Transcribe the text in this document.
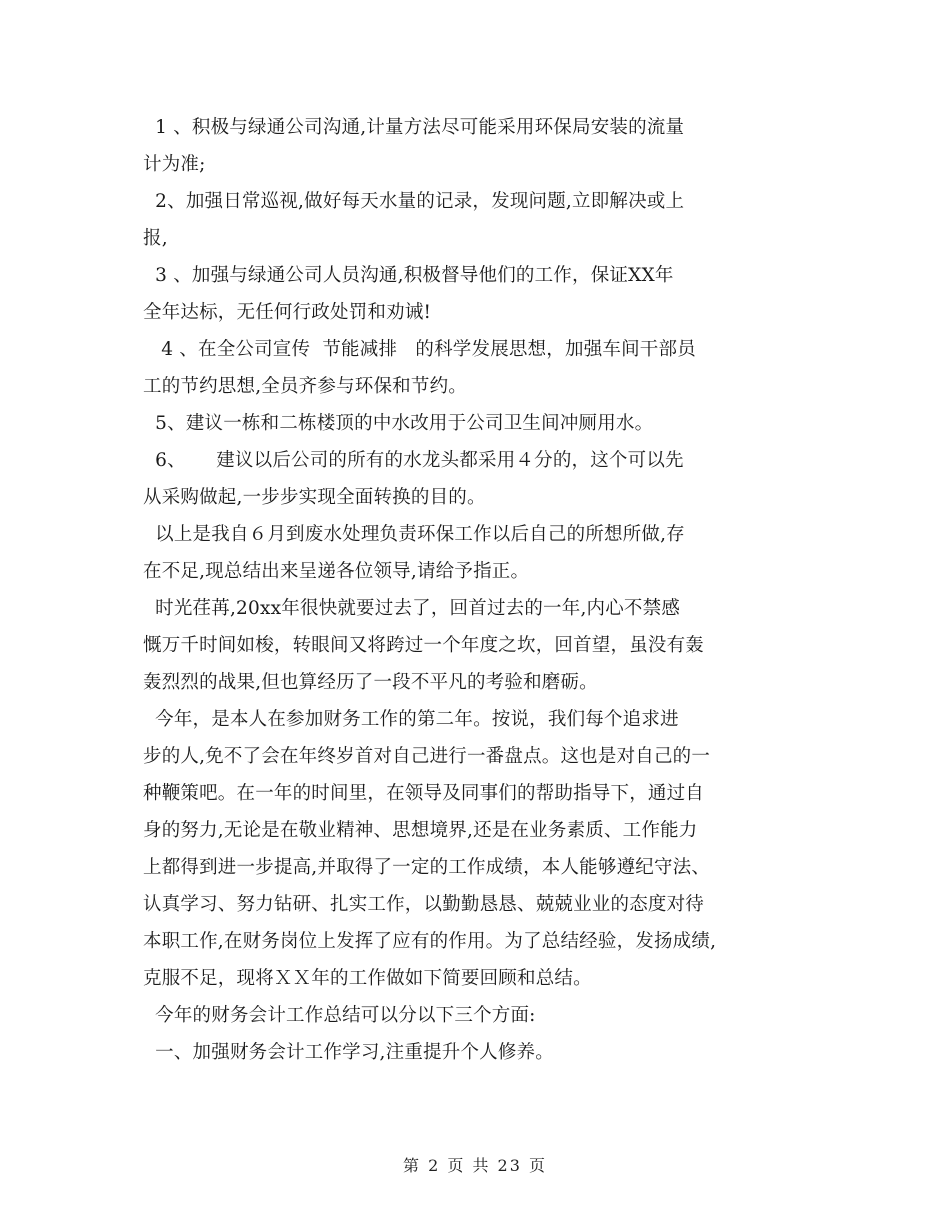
1 、积极与绿通公司沟通,计量方法尽可能采用环保局安装的流量
计为准;
2、加强日常巡视,做好每天水量的记录，发现问题,立即解决或上
报,
3 、加强与绿通公司人员沟通,积极督导他们的工作，保证XX年
全年达标，无任何行政处罚和劝诫!
4 、在全公司宣传  节能减排   的科学发展思想，加强车间干部员
工的节约思想,全员齐参与环保和节约。
5、建议一栋和二栋楼顶的中水改用于公司卫生间冲厕用水。
6、     建议以后公司的所有的水龙头都采用４分的，这个可以先
从采购做起,一步步实现全面转换的目的。
以上是我自６月到废水处理负责环保工作以后自己的所想所做,存
在不足,现总结出来呈递各位领导,请给予指正。
时光荏苒,20xx年很快就要过去了，回首过去的一年,内心不禁感
慨万千时间如梭，转眼间又将跨过一个年度之坎，回首望，虽没有轰
轰烈烈的战果,但也算经历了一段不平凡的考验和磨砺。
今年，是本人在参加财务工作的第二年。按说，我们每个追求进
步的人,免不了会在年终岁首对自己进行一番盘点。这也是对自己的一
种鞭策吧。在一年的时间里，在领导及同事们的帮助指导下，通过自
身的努力,无论是在敬业精神、思想境界,还是在业务素质、工作能力
上都得到进一步提高,并取得了一定的工作成绩，本人能够遵纪守法、
认真学习、努力钻研、扎实工作，以勤勤恳恳、兢兢业业的态度对待
本职工作,在财务岗位上发挥了应有的作用。为了总结经验，发扬成绩,
克服不足，现将ＸＸ年的工作做如下简要回顾和总结。
今年的财务会计工作总结可以分以下三个方面:
一、加强财务会计工作学习,注重提升个人修养。
第 2 页 共 23 页
